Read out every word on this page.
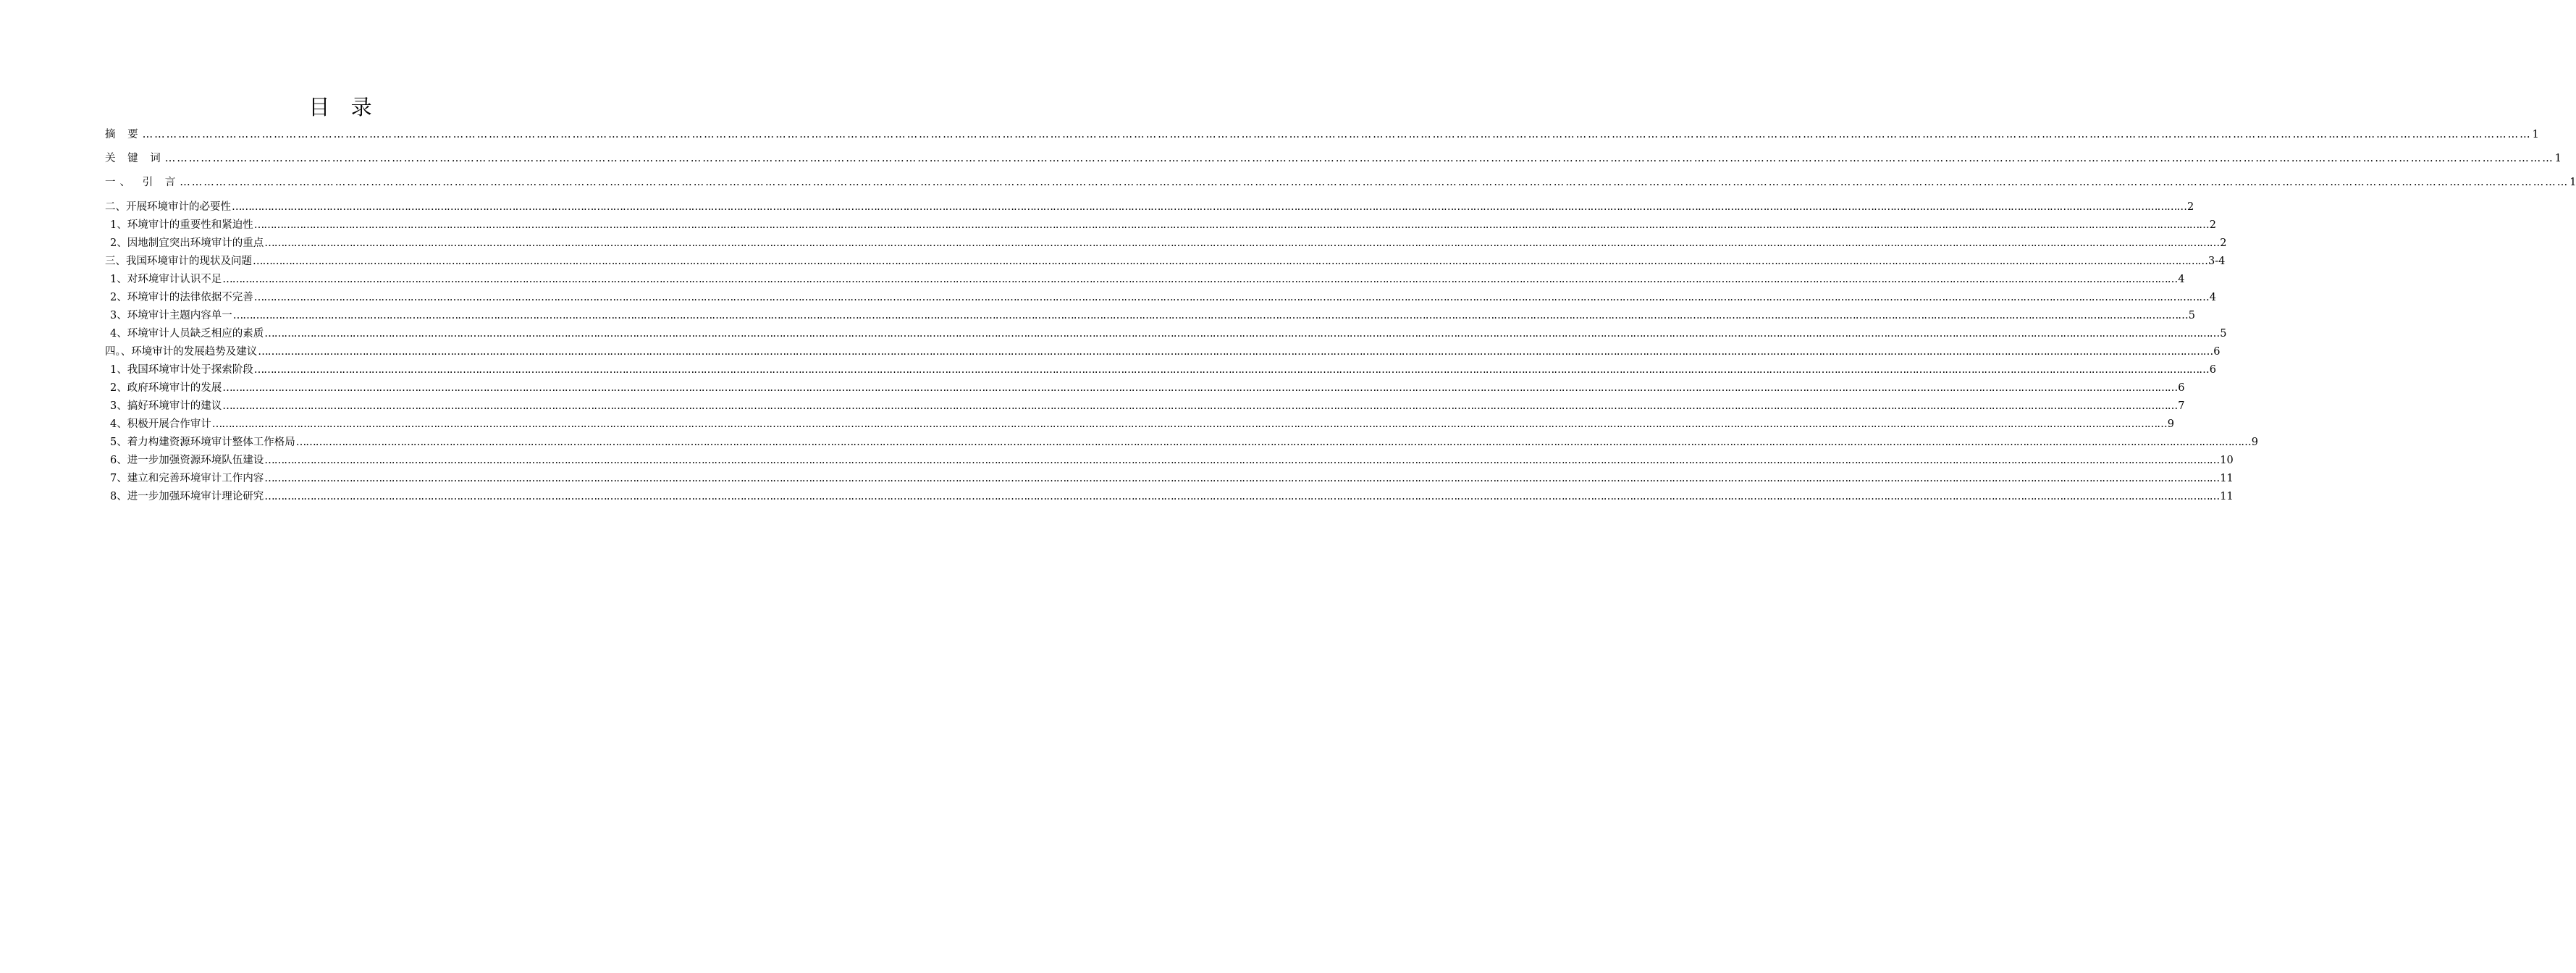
目 录
摘 要 …………………………………………………………………………………………………………………………………………………………………………………………………………………………………………………………………………………………………………………………………………………………………………………………………………………………………………………………………………………………………………………………………………………… 1
关 键 词 …………………………………………………………………………………………………………………………………………………………………………………………………………………………………………………………………………………………………………………………………………………………………………………………………………………………………………………………………………………………………………………………………………………… 1
一、 引 言 …………………………………………………………………………………………………………………………………………………………………………………………………………………………………………………………………………………………………………………………………………………………………………………………………………………………………………………………………………………………………………………………………………………… 1
二、开展环境审计的必要性 …………………………………………………………………………………………………………………………………………………………………………………………………………………………………………………………………………………………………………………………………………………………………………………………………………………………………………………………………………………………………………………………………………………… 2
1、环境审计的重要性和紧迫性 …………………………………………………………………………………………………………………………………………………………………………………………………………………………………………………………………………………………………………………………………………………………………………………………………………………………………………………………………………………………………………………………………………………… 2
2、因地制宜突出环境审计的重点 …………………………………………………………………………………………………………………………………………………………………………………………………………………………………………………………………………………………………………………………………………………………………………………………………………………………………………………………………………………………………………………………………………………… 2
三、我国环境审计的现状及问题 …………………………………………………………………………………………………………………………………………………………………………………………………………………………………………………………………………………………………………………………………………………………………………………………………………………………………………………………………………………………………………………………………………………… 3-4
1、对环境审计认识不足 …………………………………………………………………………………………………………………………………………………………………………………………………………………………………………………………………………………………………………………………………………………………………………………………………………………………………………………………………………………………………………………………………………………… 4
2、环境审计的法律依据不完善 …………………………………………………………………………………………………………………………………………………………………………………………………………………………………………………………………………………………………………………………………………………………………………………………………………………………………………………………………………………………………………………………………………………… 4
3、环境审计主题内容单一 …………………………………………………………………………………………………………………………………………………………………………………………………………………………………………………………………………………………………………………………………………………………………………………………………………………………………………………………………………………………………………………………………………………… 5
4、环境审计人员缺乏相应的素质 …………………………………………………………………………………………………………………………………………………………………………………………………………………………………………………………………………………………………………………………………………………………………………………………………………………………………………………………………………………………………………………………………………………… 5
四。、环境审计的发展趋势及建议 …………………………………………………………………………………………………………………………………………………………………………………………………………………………………………………………………………………………………………………………………………………………………………………………………………………………………………………………………………………………………………………………………………………… 6
1、我国环境审计处于探索阶段 …………………………………………………………………………………………………………………………………………………………………………………………………………………………………………………………………………………………………………………………………………………………………………………………………………………………………………………………………………………………………………………………………………………… 6
2、政府环境审计的发展 …………………………………………………………………………………………………………………………………………………………………………………………………………………………………………………………………………………………………………………………………………………………………………………………………………………………………………………………………………………………………………………………………………………… 6
3、搞好环境审计的建议 …………………………………………………………………………………………………………………………………………………………………………………………………………………………………………………………………………………………………………………………………………………………………………………………………………………………………………………………………………………………………………………………………………………… 7
4、积极开展合作审计 …………………………………………………………………………………………………………………………………………………………………………………………………………………………………………………………………………………………………………………………………………………………………………………………………………………………………………………………………………………………………………………………………………………… 9
5、着力构建资源环境审计整体工作格局 …………………………………………………………………………………………………………………………………………………………………………………………………………………………………………………………………………………………………………………………………………………………………………………………………………………………………………………………………………………………………………………………………………………… 9
6、进一步加强资源环境队伍建设 …………………………………………………………………………………………………………………………………………………………………………………………………………………………………………………………………………………………………………………………………………………………………………………………………………………………………………………………………………………………………………………………………………………… 10
7、建立和完善环境审计工作内容 …………………………………………………………………………………………………………………………………………………………………………………………………………………………………………………………………………………………………………………………………………………………………………………………………………………………………………………………………………………………………………………………………………………… 11
8、进一步加强环境审计理论研究 …………………………………………………………………………………………………………………………………………………………………………………………………………………………………………………………………………………………………………………………………………………………………………………………………………………………………………………………………………………………………………………………………………………… 11
